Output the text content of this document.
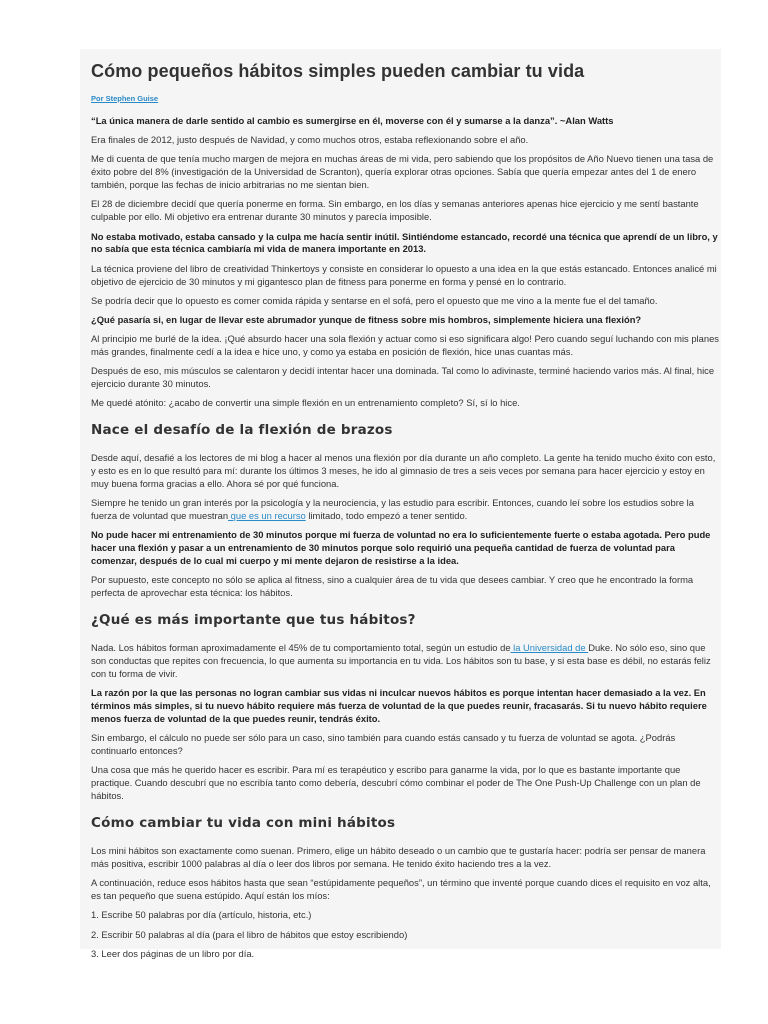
Cómo pequeños hábitos simples pueden cambiar tu vida
Por Stephen Guise

“La única manera de darle sentido al cambio es sumergirse en él, moverse con él y sumarse a la danza”. ~Alan Watts

Era finales de 2012, justo después de Navidad, y como muchos otros, estaba reflexionando sobre el año.

Me di cuenta de que tenía mucho margen de mejora en muchas áreas de mi vida, pero sabiendo que los propósitos de Año Nuevo tienen una tasa de éxito pobre del 8% (investigación de la Universidad de Scranton), quería explorar otras opciones. Sabía que quería empezar antes del 1 de enero también, porque las fechas de inicio arbitrarias no me sientan bien.

El 28 de diciembre decidí que quería ponerme en forma. Sin embargo, en los días y semanas anteriores apenas hice ejercicio y me sentí bastante culpable por ello. Mi objetivo era entrenar durante 30 minutos y parecía imposible.

No estaba motivado, estaba cansado y la culpa me hacía sentir inútil. Sintiéndome estancado, recordé una técnica que aprendí de un libro, y no sabía que esta técnica cambiaría mi vida de manera importante en 2013.

La técnica proviene del libro de creatividad Thinkertoys y consiste en considerar lo opuesto a una idea en la que estás estancado. Entonces analicé mi objetivo de ejercicio de 30 minutos y mi gigantesco plan de fitness para ponerme en forma y pensé en lo contrario.

Se podría decir que lo opuesto es comer comida rápida y sentarse en el sofá, pero el opuesto que me vino a la mente fue el del tamaño.

¿Qué pasaría si, en lugar de llevar este abrumador yunque de fitness sobre mis hombros, simplemente hiciera una flexión?

Al principio me burlé de la idea. ¡Qué absurdo hacer una sola flexión y actuar como si eso significara algo! Pero cuando seguí luchando con mis planes más grandes, finalmente cedí a la idea e hice uno, y como ya estaba en posición de flexión, hice unas cuantas más.

Después de eso, mis músculos se calentaron y decidí intentar hacer una dominada. Tal como lo adivinaste, terminé haciendo varios más. Al final, hice ejercicio durante 30 minutos.

Me quedé atónito: ¿acabo de convertir una simple flexión en un entrenamiento completo? Sí, sí lo hice.

Nace el desafío de la flexión de brazos

Desde aquí, desafié a los lectores de mi blog a hacer al menos una flexión por día durante un año completo. La gente ha tenido mucho éxito con esto, y esto es en lo que resultó para mí: durante los últimos 3 meses, he ido al gimnasio de tres a seis veces por semana para hacer ejercicio y estoy en muy buena forma gracias a ello. Ahora sé por qué funciona.

Siempre he tenido un gran interés por la psicología y la neurociencia, y las estudio para escribir. Entonces, cuando leí sobre los estudios sobre la fuerza de voluntad que muestran que es un recurso limitado, todo empezó a tener sentido.

No pude hacer mi entrenamiento de 30 minutos porque mi fuerza de voluntad no era lo suficientemente fuerte o estaba agotada. Pero pude hacer una flexión y pasar a un entrenamiento de 30 minutos porque solo requirió una pequeña cantidad de fuerza de voluntad para comenzar, después de lo cual mi cuerpo y mi mente dejaron de resistirse a la idea.

Por supuesto, este concepto no sólo se aplica al fitness, sino a cualquier área de tu vida que desees cambiar. Y creo que he encontrado la forma perfecta de aprovechar esta técnica: los hábitos.

¿Qué es más importante que tus hábitos?

Nada. Los hábitos forman aproximadamente el 45% de tu comportamiento total, según un estudio de la Universidad de Duke. No sólo eso, sino que son conductas que repites con frecuencia, lo que aumenta su importancia en tu vida. Los hábitos son tu base, y si esta base es débil, no estarás feliz con tu forma de vivir.

La razón por la que las personas no logran cambiar sus vidas ni inculcar nuevos hábitos es porque intentan hacer demasiado a la vez. En términos más simples, si tu nuevo hábito requiere más fuerza de voluntad de la que puedes reunir, fracasarás. Si tu nuevo hábito requiere menos fuerza de voluntad de la que puedes reunir, tendrás éxito.

Sin embargo, el cálculo no puede ser sólo para un caso, sino también para cuando estás cansado y tu fuerza de voluntad se agota. ¿Podrás continuarlo entonces?

Una cosa que más he querido hacer es escribir. Para mí es terapéutico y escribo para ganarme la vida, por lo que es bastante importante que practique. Cuando descubrí que no escribía tanto como debería, descubrí cómo combinar el poder de The One Push-Up Challenge con un plan de hábitos.

Cómo cambiar tu vida con mini hábitos

Los mini hábitos son exactamente como suenan. Primero, elige un hábito deseado o un cambio que te gustaría hacer: podría ser pensar de manera más positiva, escribir 1000 palabras al día o leer dos libros por semana. He tenido éxito haciendo tres a la vez.

A continuación, reduce esos hábitos hasta que sean “estúpidamente pequeños”, un término que inventé porque cuando dices el requisito en voz alta, es tan pequeño que suena estúpido. Aquí están los míos:

1. Escribe 50 palabras por día (artículo, historia, etc.)

2. Escribir 50 palabras al día (para el libro de hábitos que estoy escribiendo)

3. Leer dos páginas de un libro por día.
